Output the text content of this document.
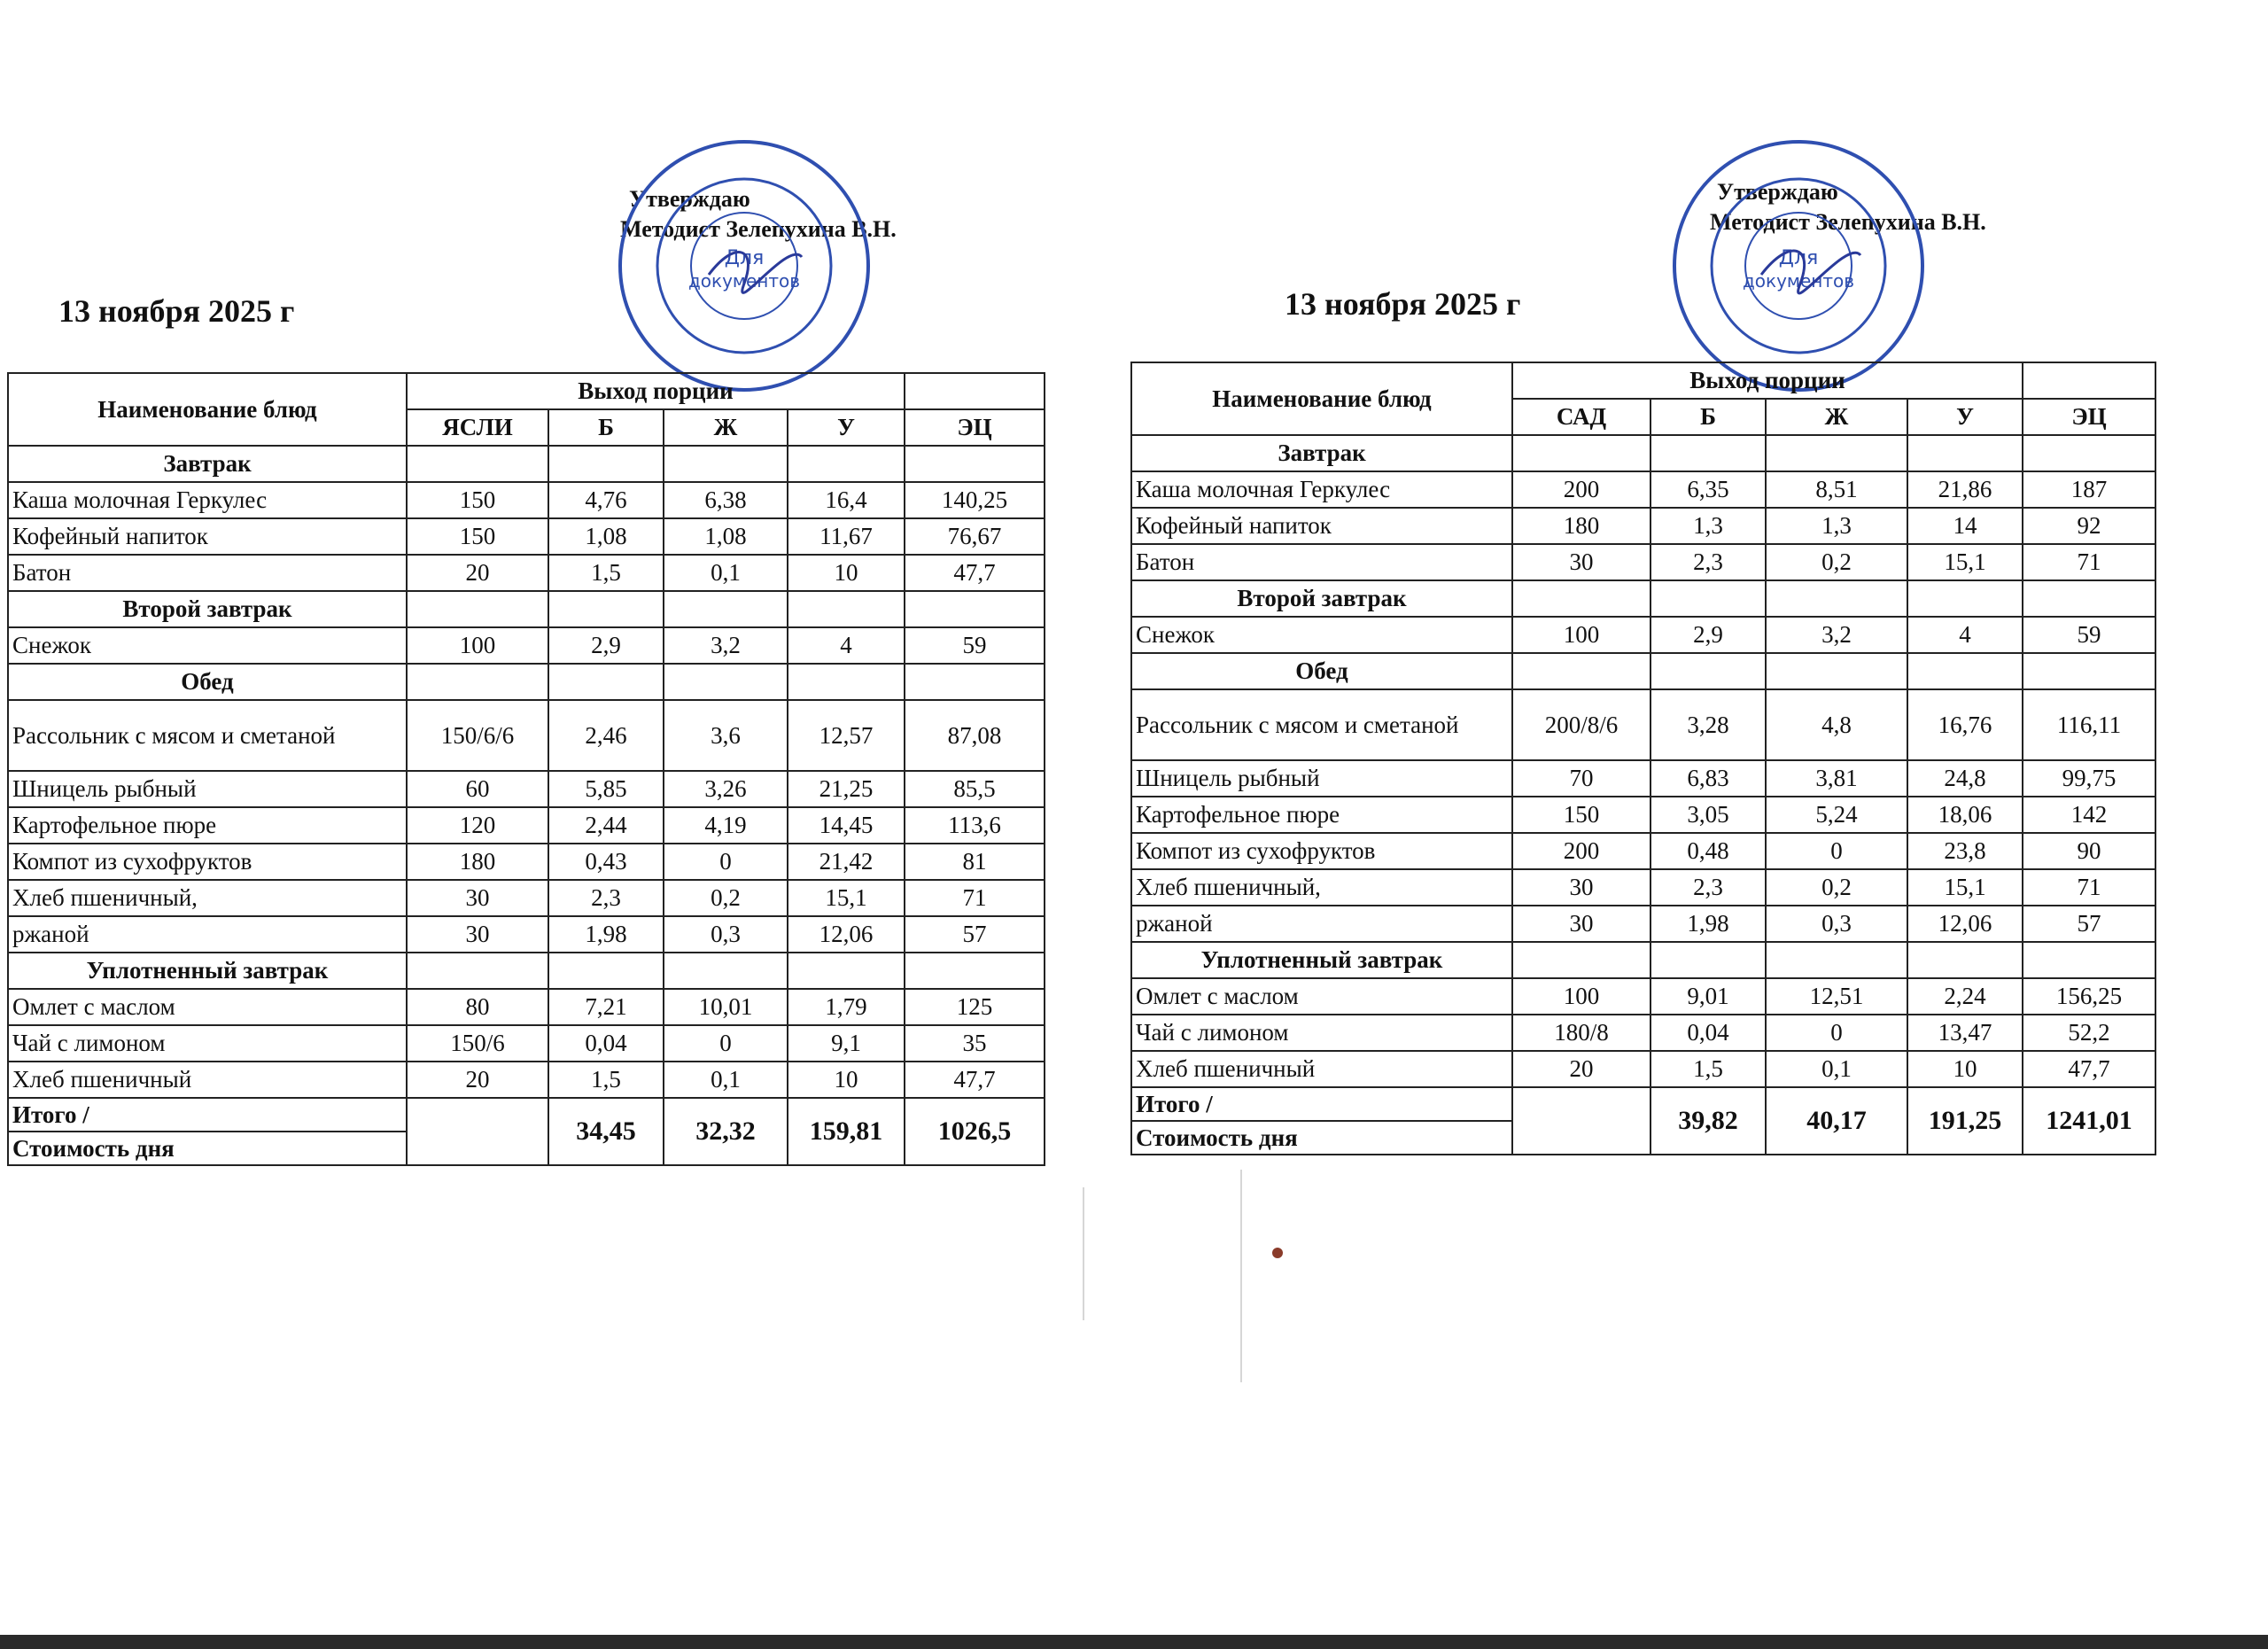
13 ноября 2025 г
Утверждаю
Методист Зелепухина В.Н.
Для
документов
Наименование блюд	Выход порции				
	ЯСЛИ	Б	Ж	У	ЭЦ
Завтрак					
Каша молочная Геркулес	150	4,76	6,38	16,4	140,25
Кофейный напиток	150	1,08	1,08	11,67	76,67
Батон	20	1,5	0,1	10	47,7
Второй завтрак					
Снежок	100	2,9	3,2	4	59
Обед					
Рассольник с мясом и сметаной	150/6/6	2,46	3,6	12,57	87,08
Шницель рыбный	60	5,85	3,26	21,25	85,5
Картофельное пюре	120	2,44	4,19	14,45	113,6
Компот из сухофруктов	180	0,43	0	21,42	81
Хлеб пшеничный,	30	2,3	0,2	15,1	71
ржаной	30	1,98	0,3	12,06	57
Уплотненный завтрак					
Омлет с маслом	80	7,21	10,01	1,79	125
Чай с лимоном	150/6	0,04	0	9,1	35
Хлеб пшеничный	20	1,5	0,1	10	47,7
Итого /		34,45	32,32	159,81	1026,5
Стоимость дня					
13 ноября 2025 г
Утверждаю
Методист Зелепухина В.Н.
Для
документов
Наименование блюд	Выход порции				
	САД	Б	Ж	У	ЭЦ
Завтрак					
Каша молочная Геркулес	200	6,35	8,51	21,86	187
Кофейный напиток	180	1,3	1,3	14	92
Батон	30	2,3	0,2	15,1	71
Второй завтрак					
Снежок	100	2,9	3,2	4	59
Обед					
Рассольник с мясом и сметаной	200/8/6	3,28	4,8	16,76	116,11
Шницель рыбный	70	6,83	3,81	24,8	99,75
Картофельное пюре	150	3,05	5,24	18,06	142
Компот из сухофруктов	200	0,48	0	23,8	90
Хлеб пшеничный,	30	2,3	0,2	15,1	71
ржаной	30	1,98	0,3	12,06	57
Уплотненный завтрак					
Омлет с маслом	100	9,01	12,51	2,24	156,25
Чай с лимоном	180/8	0,04	0	13,47	52,2
Хлеб пшеничный	20	1,5	0,1	10	47,7
Итого /		39,82	40,17	191,25	1241,01
Стоимость дня					
